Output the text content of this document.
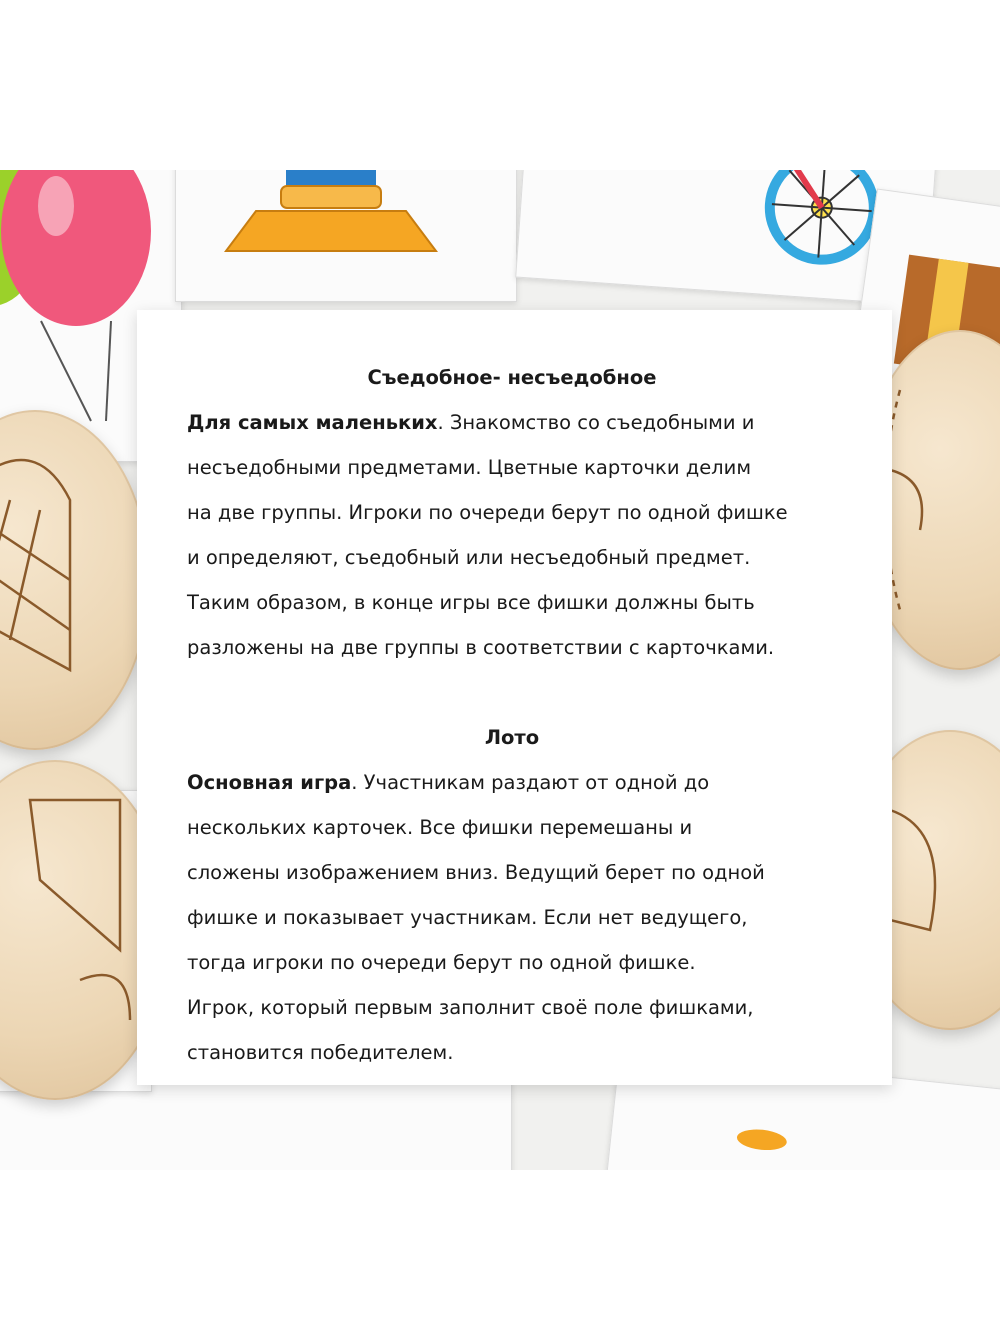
Съедобное- несъедобное
Для самых маленьких. Знакомство со съедобными и
несъедобными предметами. Цветные карточки делим
на две группы. Игроки по очереди берут по одной фишке
и определяют, съедобный или несъедобный предмет.
Таким образом, в конце игры все фишки должны быть
разложены на две группы в соответствии с карточками.
Лото
Основная игра. Участникам раздают от одной до
нескольких карточек. Все фишки перемешаны и
сложены изображением вниз. Ведущий берет по одной
фишке и показывает участникам. Если нет ведущего,
тогда игроки по очереди берут по одной фишке.
Игрок, который первым заполнит своё поле фишками,
становится победителем.
